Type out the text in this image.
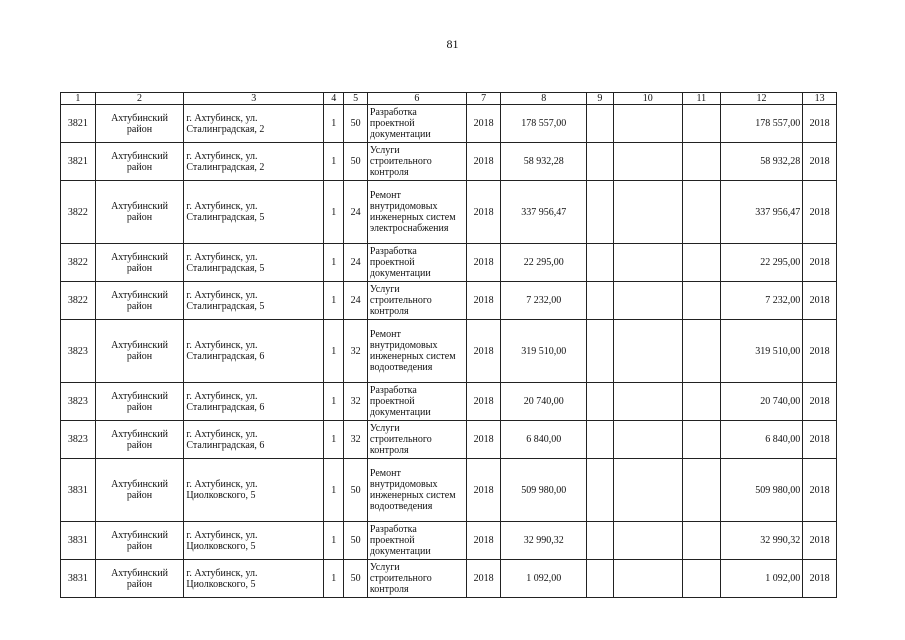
81
1	2	3	4	5	6	7	8	9	10	11	12	13
3821	Ахтубинский район	г. Ахтубинск, ул. Сталинградская, 2	1	50	Разработка проектной документации	2018	178 557,00				178 557,00	2018
3821	Ахтубинский район	г. Ахтубинск, ул. Сталинградская, 2	1	50	Услуги строительного контроля	2018	58 932,28				58 932,28	2018
3822	Ахтубинский район	г. Ахтубинск, ул. Сталинградская, 5	1	24	Ремонт внутридомовых инженерных систем электроснабжения	2018	337 956,47				337 956,47	2018
3822	Ахтубинский район	г. Ахтубинск, ул. Сталинградская, 5	1	24	Разработка проектной документации	2018	22 295,00				22 295,00	2018
3822	Ахтубинский район	г. Ахтубинск, ул. Сталинградская, 5	1	24	Услуги строительного контроля	2018	7 232,00				7 232,00	2018
3823	Ахтубинский район	г. Ахтубинск, ул. Сталинградская, 6	1	32	Ремонт внутридомовых инженерных систем водоотведения	2018	319 510,00				319 510,00	2018
3823	Ахтубинский район	г. Ахтубинск, ул. Сталинградская, 6	1	32	Разработка проектной документации	2018	20 740,00				20 740,00	2018
3823	Ахтубинский район	г. Ахтубинск, ул. Сталинградская, 6	1	32	Услуги строительного контроля	2018	6 840,00				6 840,00	2018
3831	Ахтубинский район	г. Ахтубинск, ул. Циолковского, 5	1	50	Ремонт внутридомовых инженерных систем водоотведения	2018	509 980,00				509 980,00	2018
3831	Ахтубинский район	г. Ахтубинск, ул. Циолковского, 5	1	50	Разработка проектной документации	2018	32 990,32				32 990,32	2018
3831	Ахтубинский район	г. Ахтубинск, ул. Циолковского, 5	1	50	Услуги строительного контроля	2018	1 092,00				1 092,00	2018
